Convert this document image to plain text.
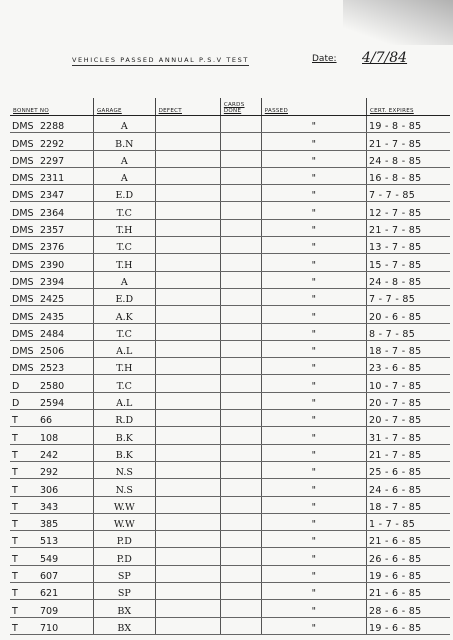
VEHICLES PASSED ANNUAL P.S.V TEST	Date: 4/7/84
BONNET NO	GARAGE	DEFECT	CARDS DONE	PASSED	CERT. EXPIRES
DMS 2288	A			"	19 - 8 - 85
DMS 2292	B.N			"	21 - 7 - 85
DMS 2297	A			"	24 - 8 - 85
DMS 2311	A			"	16 - 8 - 85
DMS 2347	E.D			"	7 - 7 - 85
DMS 2364	T.C			"	12 - 7 - 85
DMS 2357	T.H			"	21 - 7 - 85
DMS 2376	T.C			"	13 - 7 - 85
DMS 2390	T.H			"	15 - 7 - 85
DMS 2394	A			"	24 - 8 - 85
DMS 2425	E.D			"	7 - 7 - 85
DMS 2435	A.K			"	20 - 6 - 85
DMS 2484	T.C			"	8 - 7 - 85
DMS 2506	A.L			"	18 - 7 - 85
DMS 2523	T.H			"	23 - 6 - 85
D 2580	T.C			"	10 - 7 - 85
D 2594	A.L			"	20 - 7 - 85
T 66	R.D			"	20 - 7 - 85
T 108	B.K			"	31 - 7 - 85
T 242	B.K			"	21 - 7 - 85
T 292	N.S			"	25 - 6 - 85
T 306	N.S			"	24 - 6 - 85
T 343	W.W			"	18 - 7 - 85
T 385	W.W			"	1 - 7 - 85
T 513	P.D			"	21 - 6 - 85
T 549	P.D			"	26 - 6 - 85
T 607	SP			"	19 - 6 - 85
T 621	SP			"	21 - 6 - 85
T 709	BX			"	28 - 6 - 85
T 710	BX			"	19 - 6 - 85
